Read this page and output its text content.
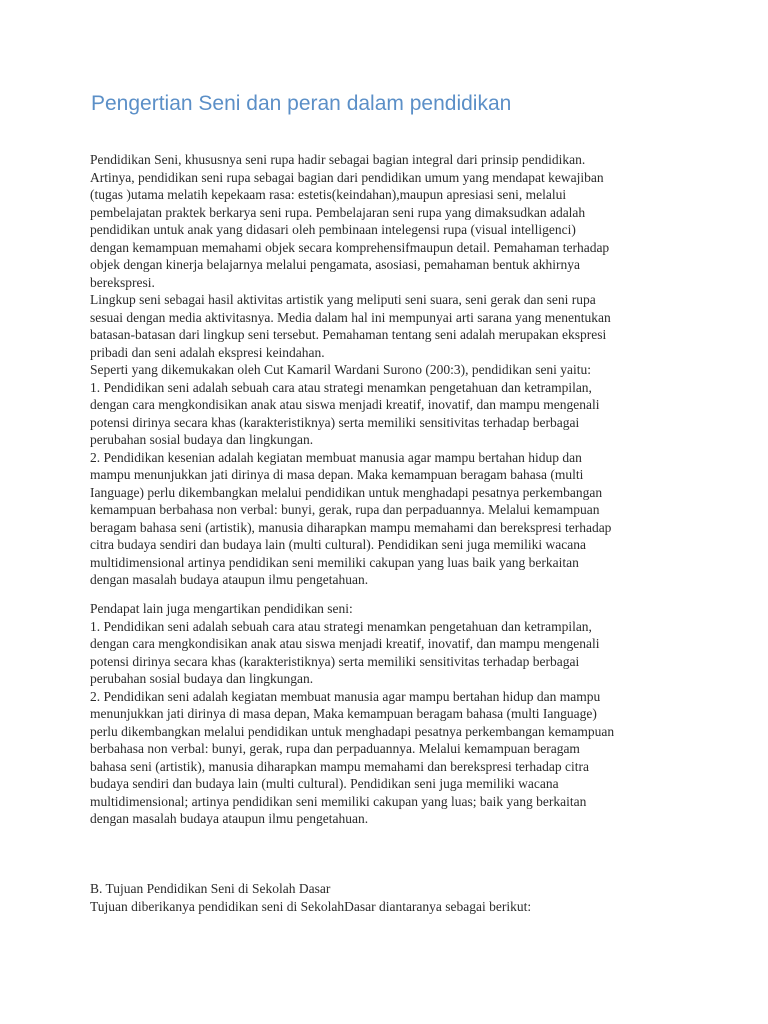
Pengertian Seni dan peran dalam pendidikan
Pendidikan Seni, khususnya seni rupa hadir sebagai bagian integral dari prinsip pendidikan.
Artinya, pendidikan seni rupa sebagai bagian dari pendidikan umum yang mendapat kewajiban
(tugas )utama melatih kepekaam rasa: estetis(keindahan),maupun apresiasi seni, melalui
pembelajatan praktek berkarya seni rupa. Pembelajaran seni rupa yang dimaksudkan adalah
pendidikan untuk anak yang didasari oleh pembinaan intelegensi rupa (visual intelligenci)
dengan kemampuan memahami objek secara komprehensifmaupun detail. Pemahaman terhadap
objek dengan kinerja belajarnya melalui pengamata, asosiasi, pemahaman bentuk akhirnya
berekspresi.
Lingkup seni sebagai hasil aktivitas artistik yang meliputi seni suara, seni gerak dan seni rupa
sesuai dengan media aktivitasnya. Media dalam hal ini mempunyai arti sarana yang menentukan
batasan-batasan dari lingkup seni tersebut. Pemahaman tentang seni adalah merupakan ekspresi
pribadi dan seni adalah ekspresi keindahan.
Seperti yang dikemukakan oleh Cut Kamaril Wardani Surono (200:3), pendidikan seni yaitu:
1. Pendidikan seni adalah sebuah cara atau strategi menamkan pengetahuan dan ketrampilan,
dengan cara mengkondisikan anak atau siswa menjadi kreatif, inovatif, dan mampu mengenali
potensi dirinya secara khas (karakteristiknya) serta memiliki sensitivitas terhadap berbagai
perubahan sosial budaya dan lingkungan.
2. Pendidikan kesenian adalah kegiatan membuat manusia agar mampu bertahan hidup dan
mampu menunjukkan jati dirinya di masa depan. Maka kemampuan beragam bahasa (multi
Ianguage) perlu dikembangkan melalui pendidikan untuk menghadapi pesatnya perkembangan
kemampuan berbahasa non verbal: bunyi, gerak, rupa dan perpaduannya. Melalui kemampuan
beragam bahasa seni (artistik), manusia diharapkan mampu memahami dan berekspresi terhadap
citra budaya sendiri dan budaya lain (multi cultural). Pendidikan seni juga memiliki wacana
multidimensional artinya pendidikan seni memiliki cakupan yang luas baik yang berkaitan
dengan masalah budaya ataupun ilmu pengetahuan.
Pendapat lain juga mengartikan pendidikan seni:
1. Pendidikan seni adalah sebuah cara atau strategi menamkan pengetahuan dan ketrampilan,
dengan cara mengkondisikan anak atau siswa menjadi kreatif, inovatif, dan mampu mengenali
potensi dirinya secara khas (karakteristiknya) serta memiliki sensitivitas terhadap berbagai
perubahan sosial budaya dan lingkungan.
2. Pendidikan seni adalah kegiatan membuat manusia agar mampu bertahan hidup dan mampu
menunjukkan jati dirinya di masa depan, Maka kemampuan beragam bahasa (multi Ianguage)
perlu dikembangkan melalui pendidikan untuk menghadapi pesatnya perkembangan kemampuan
berbahasa non verbal: bunyi, gerak, rupa dan perpaduannya. Melalui kemampuan beragam
bahasa seni (artistik), manusia diharapkan mampu memahami dan berekspresi terhadap citra
budaya sendiri dan budaya lain (multi cultural). Pendidikan seni juga memiliki wacana
multidimensional; artinya pendidikan seni memiliki cakupan yang luas; baik yang berkaitan
dengan masalah budaya ataupun ilmu pengetahuan.
B. Tujuan Pendidikan Seni di Sekolah Dasar
Tujuan diberikanya pendidikan seni di SekolahDasar diantaranya sebagai berikut:
